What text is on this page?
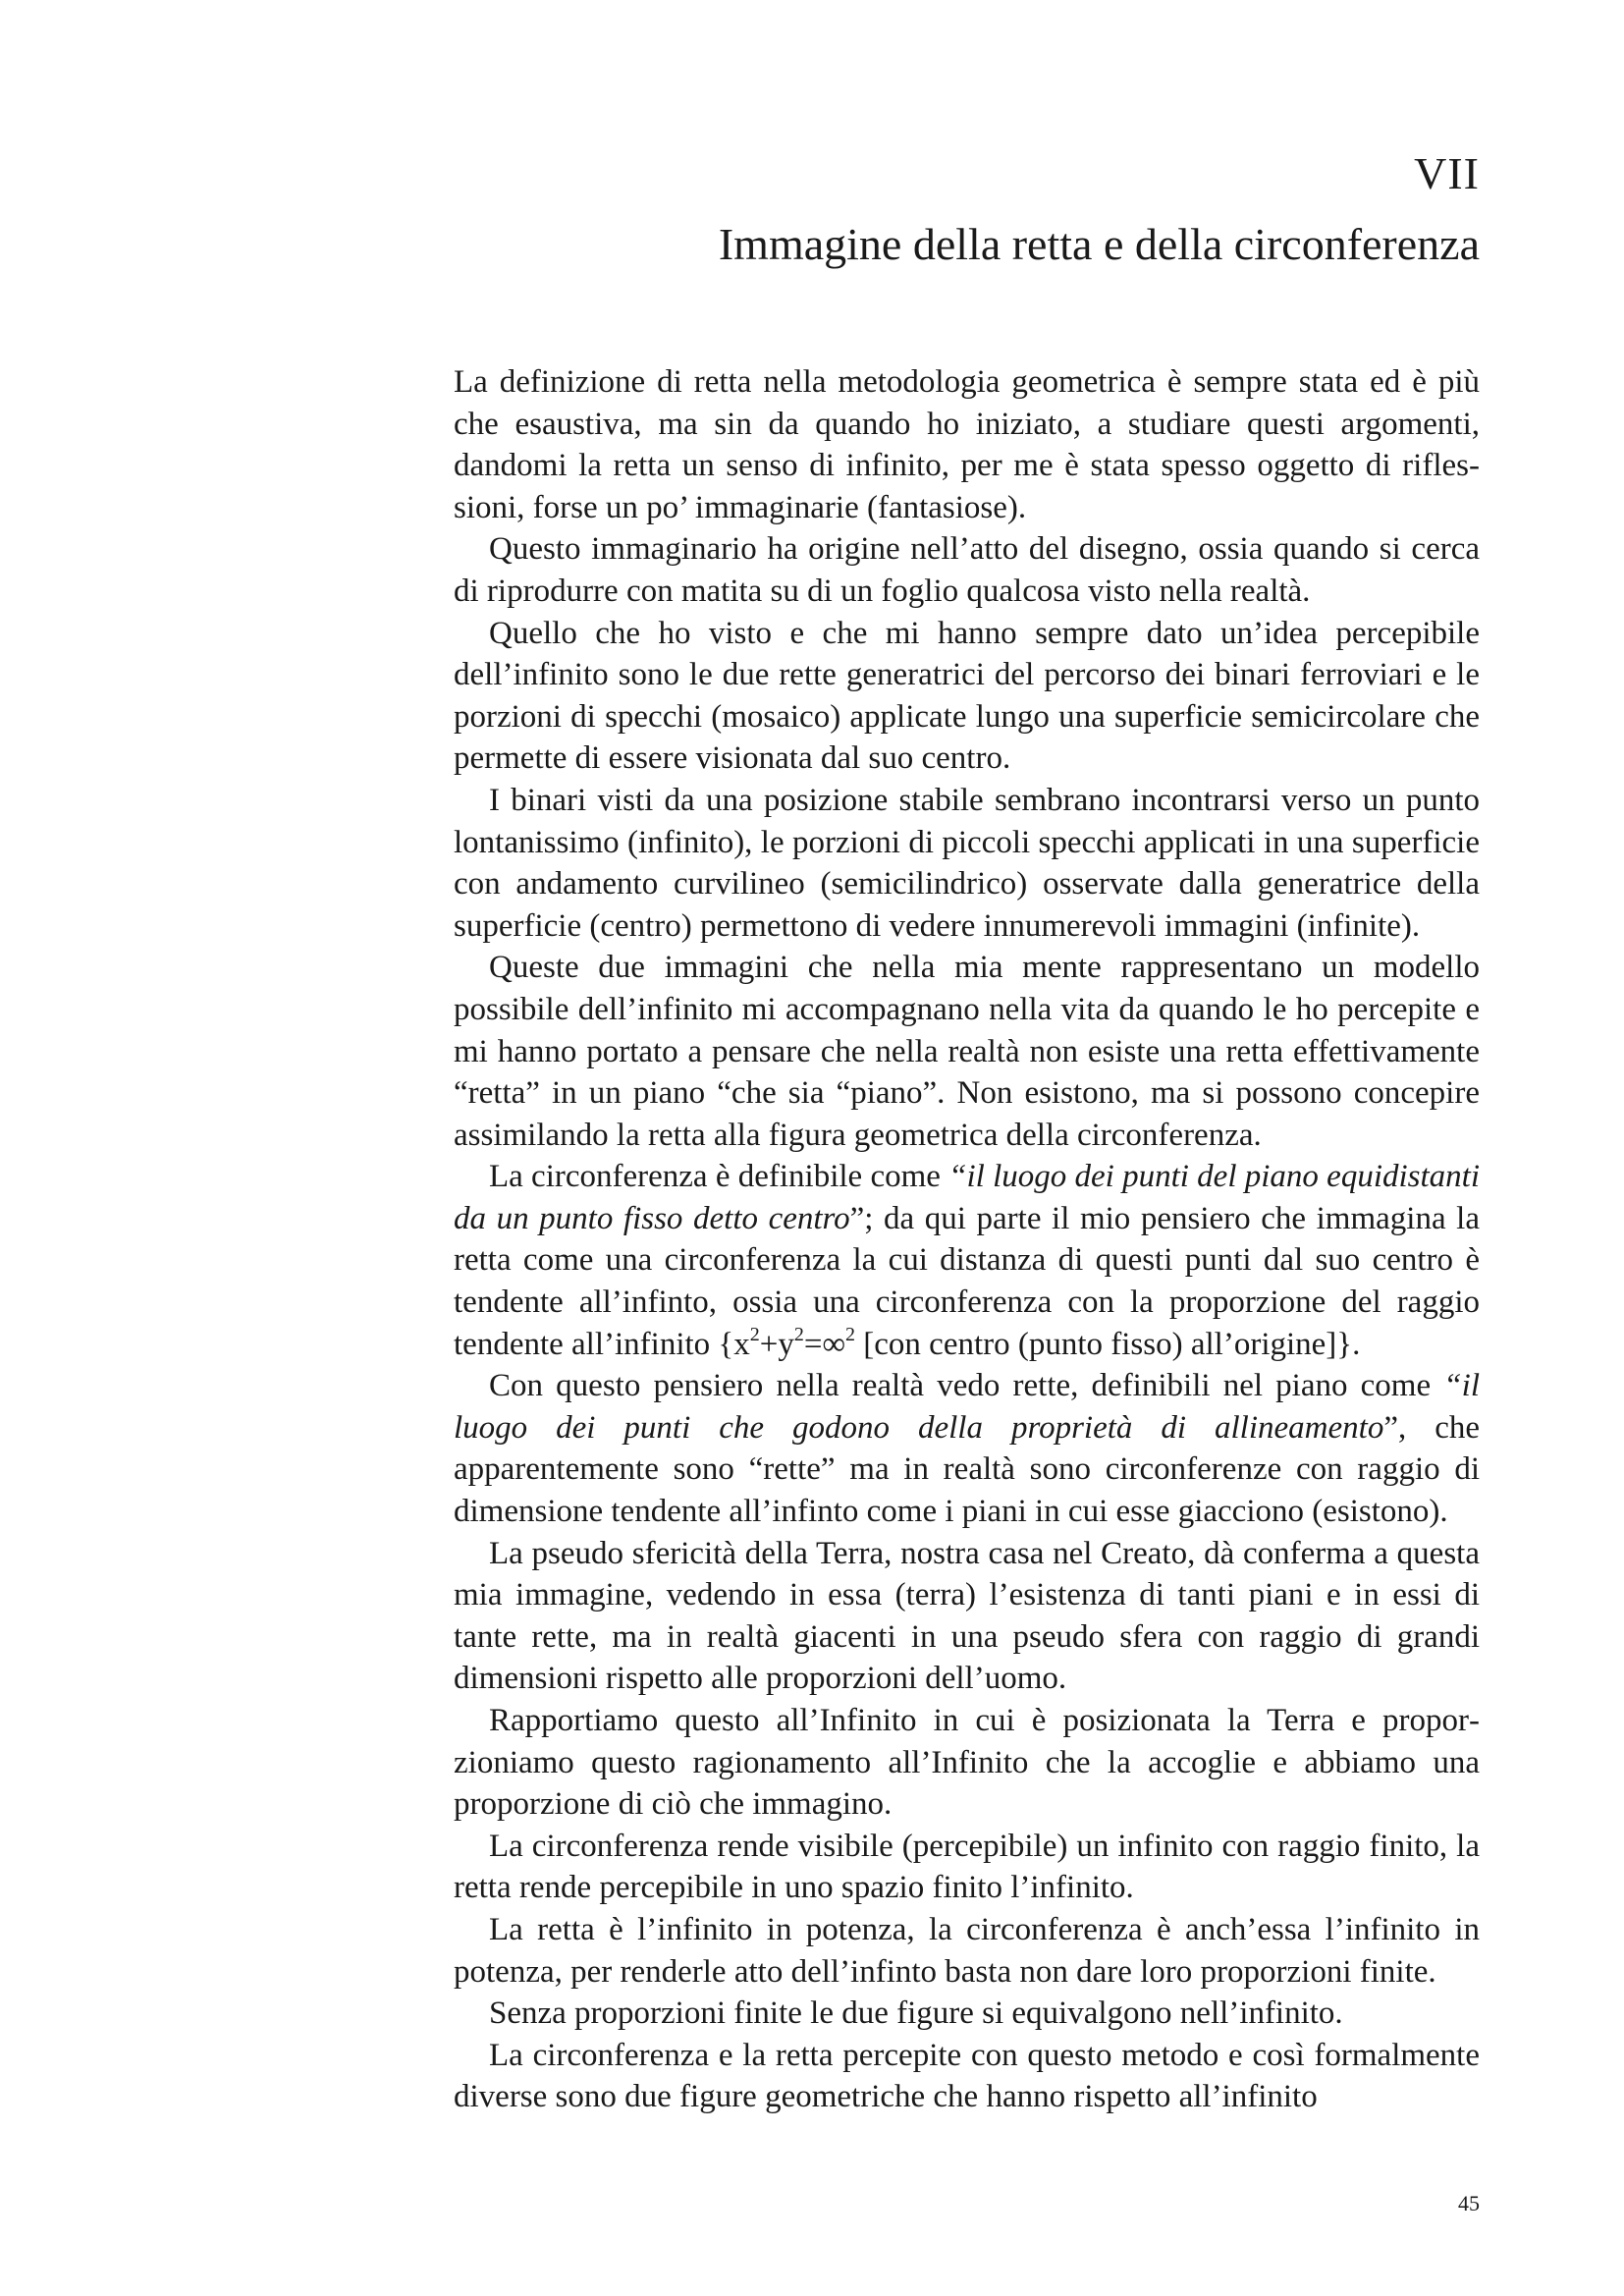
VII
Immagine della retta e della circonferenza

La definizione di retta nella metodologia geometrica è sempre stata ed è più che esaustiva, ma sin da quando ho iniziato, a studiare questi argomenti, dandomi la retta un senso di infinito, per me è stata spesso oggetto di riflessioni, forse un po’ immaginarie (fantasiose).

Questo immaginario ha origine nell’atto del disegno, ossia quando si cerca di riprodurre con matita su di un foglio qualcosa visto nella realtà.

Quello che ho visto e che mi hanno sempre dato un’idea percepibile dell’infinito sono le due rette generatrici del percorso dei binari ferroviari e le porzioni di specchi (mosaico) applicate lungo una superficie semicircolare che permette di essere visionata dal suo centro.

I binari visti da una posizione stabile sembrano incontrarsi verso un punto lontanissimo (infinito), le porzioni di piccoli specchi applicati in una superficie con andamento curvilineo (semicilindrico) osservate dalla generatrice della superficie (centro) permettono di vedere innumerevoli immagini (infinite).

Queste due immagini che nella mia mente rappresentano un modello possibile dell’infinito mi accompagnano nella vita da quando le ho percepite e mi hanno portato a pensare che nella realtà non esiste una retta effettivamente “retta” in un piano “che sia “piano”. Non esistono, ma si possono concepire assimilando la retta alla figura geometrica della circonferenza.

La circonferenza è definibile come “il luogo dei punti del piano equidistanti da un punto fisso detto centro”; da qui parte il mio pensiero che immagina la retta come una circonferenza la cui distanza di questi punti dal suo centro è tendente all’infinto, ossia una circonferenza con la proporzione del raggio tendente all’infinito {$x^2+y^2=\infty^2$ [con centro (punto fisso) all’origine]}.

Con questo pensiero nella realtà vedo rette, definibili nel piano come “il luogo dei punti che godono della proprietà di allineamento”, che apparentemente sono “rette” ma in realtà sono circonferenze con raggio di dimensione tendente all’infinto come i piani in cui esse giacciono (esistono).

La pseudo sfericità della Terra, nostra casa nel Creato, dà conferma a questa mia immagine, vedendo in essa (terra) l’esistenza di tanti piani e in essi di tante rette, ma in realtà giacenti in una pseudo sfera con raggio di grandi dimensioni rispetto alle proporzioni dell’uomo.

Rapportiamo questo all’Infinito in cui è posizionata la Terra e proporzioniamo questo ragionamento all’Infinito che la accoglie e abbiamo una proporzione di ciò che immagino.

La circonferenza rende visibile (percepibile) un infinito con raggio finito, la retta rende percepibile in uno spazio finito l’infinito.

La retta è l’infinito in potenza, la circonferenza è anch’essa l’infinito in potenza, per renderle atto dell’infinto basta non dare loro proporzioni finite.

Senza proporzioni finite le due figure si equivalgono nell’infinito.

La circonferenza e la retta percepite con questo metodo e così formalmente diverse sono due figure geometriche che hanno rispetto all’infinito

45
